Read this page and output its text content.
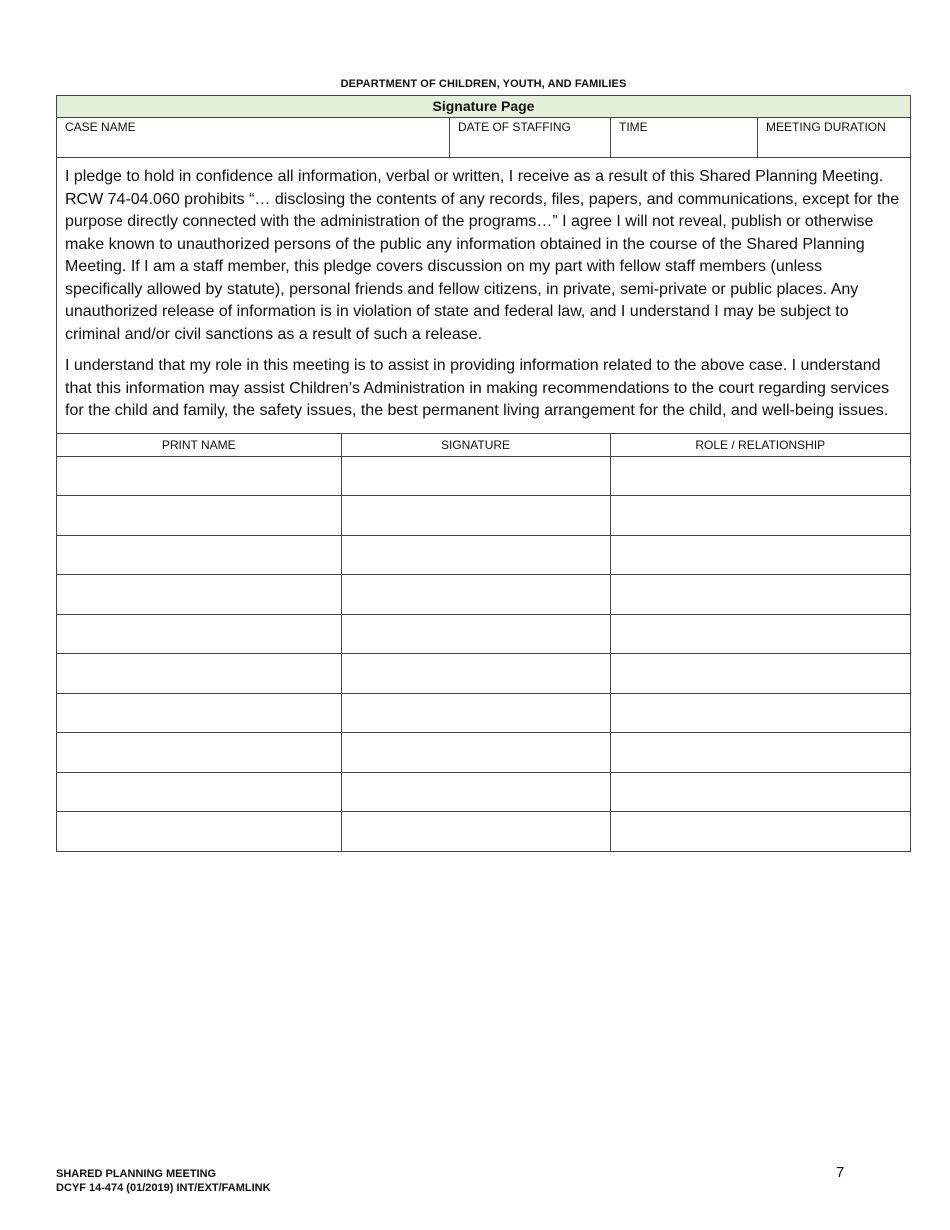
DEPARTMENT OF CHILDREN, YOUTH, AND FAMILIES
Signature Page
CASE NAME	DATE OF STAFFING	TIME	MEETING DURATION

I pledge to hold in confidence all information, verbal or written, I receive as a result of this Shared Planning Meeting. RCW 74-04.060 prohibits “… disclosing the contents of any records, files, papers, and communications, except for the purpose directly connected with the administration of the programs…” I agree I will not reveal, publish or otherwise make known to unauthorized persons of the public any information obtained in the course of the Shared Planning Meeting. If I am a staff member, this pledge covers discussion on my part with fellow staff members (unless specifically allowed by statute), personal friends and fellow citizens, in private, semi-private or public places. Any unauthorized release of information is in violation of state and federal law, and I understand I may be subject to criminal and/or civil sanctions as a result of such a release.

I understand that my role in this meeting is to assist in providing information related to the above case. I understand that this information may assist Children’s Administration in making recommendations to the court regarding services for the child and family, the safety issues, the best permanent living arrangement for the child, and well-being issues.

PRINT NAME	SIGNATURE	ROLE / RELATIONSHIP

SHARED PLANNING MEETING
DCYF 14-474 (01/2019) INT/EXT/FAMLINK
7
